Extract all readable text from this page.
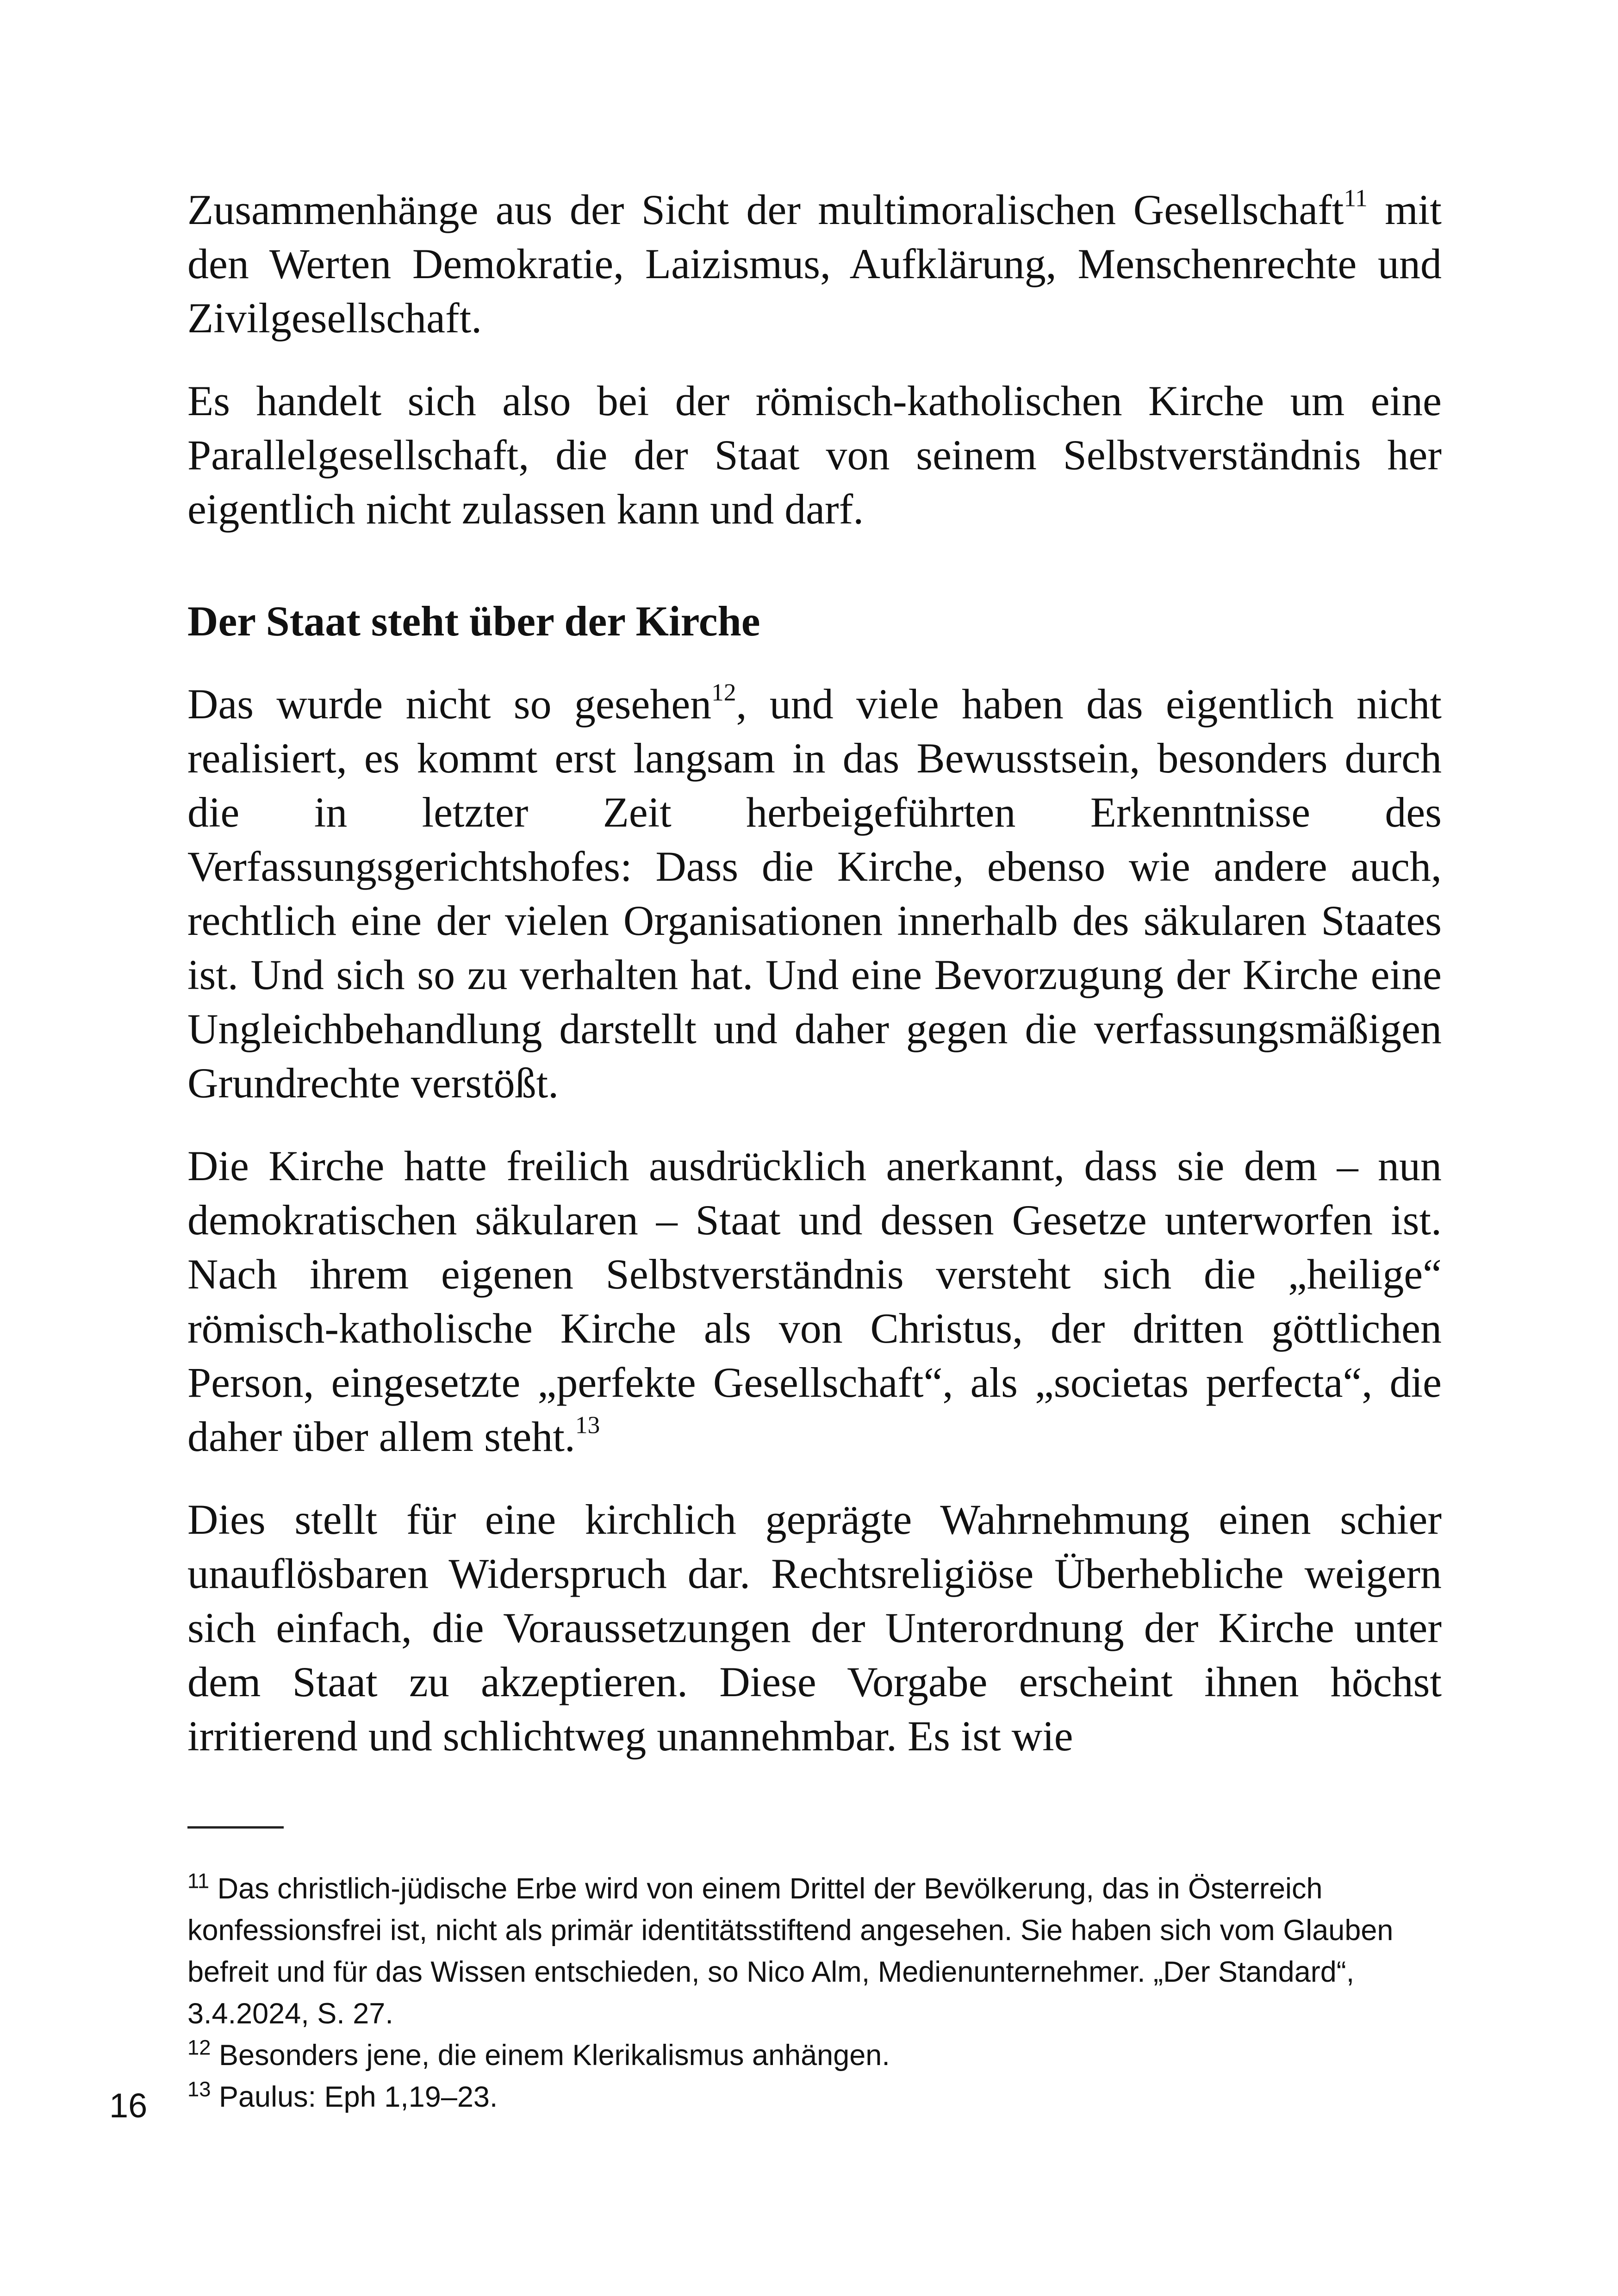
Zusammenhänge aus der Sicht der multimoralischen Gesellschaft$^{11}$ mit den Werten Demokratie, Laizismus, Aufklärung, Menschenrechte und Zivilgesellschaft.

Es handelt sich also bei der römisch-katholischen Kirche um eine Parallelgesellschaft, die der Staat von seinem Selbstverständnis her eigentlich nicht zulassen kann und darf.

Der Staat steht über der Kirche

Das wurde nicht so gesehen$^{12}$, und viele haben das eigentlich nicht realisiert, es kommt erst langsam in das Bewusstsein, besonders durch die in letzter Zeit herbeigeführten Erkenntnisse des Verfassungsgerichtshofes: Dass die Kirche, ebenso wie andere auch, rechtlich eine der vielen Organisationen innerhalb des säkularen Staates ist. Und sich so zu verhalten hat. Und eine Bevorzugung der Kirche eine Ungleichbehandlung darstellt und daher gegen die verfassungsmäßigen Grundrechte verstößt.

Die Kirche hatte freilich ausdrücklich anerkannt, dass sie dem – nun demokratischen säkularen – Staat und dessen Gesetze unterworfen ist. Nach ihrem eigenen Selbstverständnis versteht sich die „heilige“ römisch-katholische Kirche als von Christus, der dritten göttlichen Person, eingesetzte „perfekte Gesellschaft“, als „societas perfecta“, die daher über allem steht.$^{13}$

Dies stellt für eine kirchlich geprägte Wahrnehmung einen schier unauflösbaren Widerspruch dar. Rechtsreligiöse Überhebliche weigern sich einfach, die Voraussetzungen der Unterordnung der Kirche unter dem Staat zu akzeptieren. Diese Vorgabe erscheint ihnen höchst irritierend und schlichtweg unannehmbar. Es ist wie

$^{11}$ Das christlich-jüdische Erbe wird von einem Drittel der Bevölkerung, das in Österreich konfessionsfrei ist, nicht als primär identitätsstiftend angesehen. Sie haben sich vom Glauben befreit und für das Wissen entschieden, so Nico Alm, Medienunternehmer. „Der Standard“, 3.4.2024, S. 27.

$^{12}$ Besonders jene, die einem Klerikalismus anhängen.

$^{13}$ Paulus: Eph 1,19–23.

16
